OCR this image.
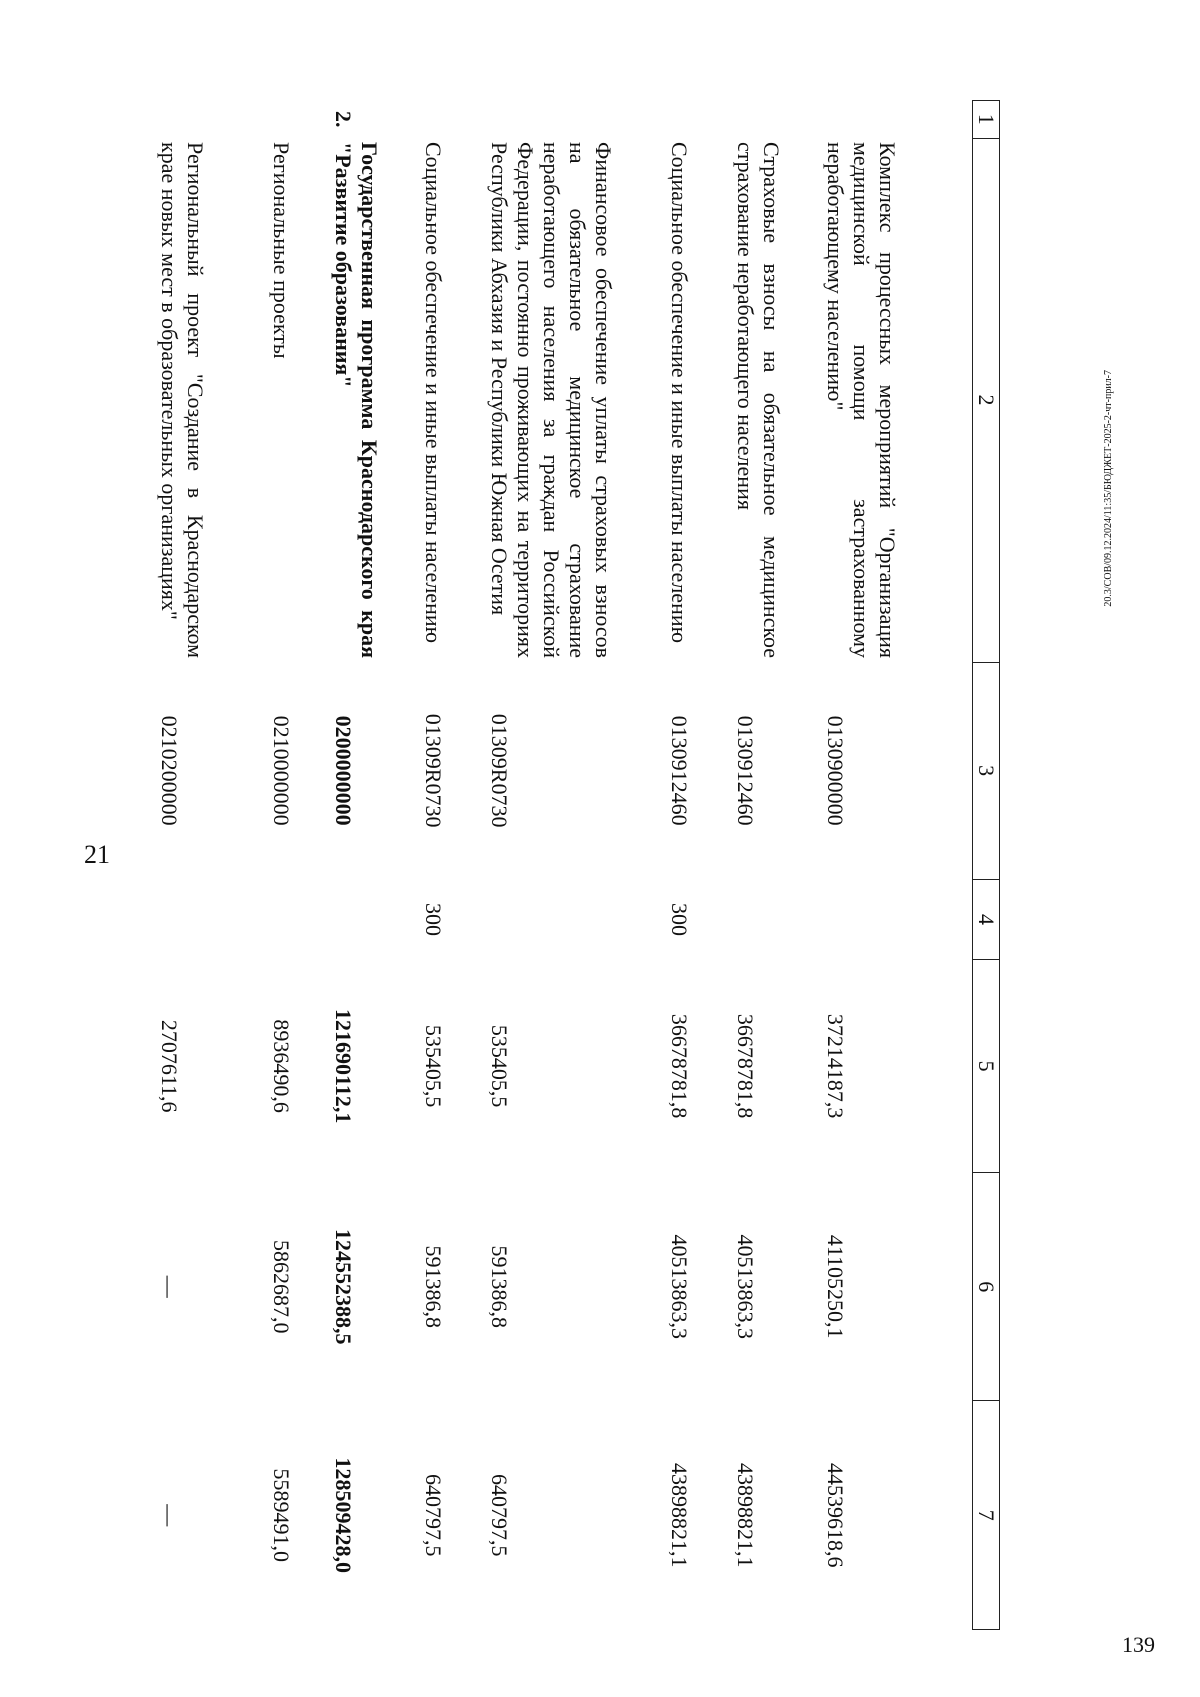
21
1	2	3	4	5	6	7
	Комплекс процессных мероприятий "Организация медицинской помощи застрахованному неработающему населению"	0130900000		37214187,3	41105250,1	44539618,6
	Страховые взносы на обязательное медицинское страхование неработающего населения	0130912460		36678781,8	40513863,3	43898821,1
	Социальное обеспечение и иные выплаты населению	0130912460	300	36678781,8	40513863,3	43898821,1
	Финансовое обеспечение уплаты страховых взносов на обязательное медицинское страхование неработающего населения за граждан Российской Федерации, постоянно проживающих на территориях Республики Абхазия и Республики Южная Осетия	01309R0730		535405,5	591386,8	640797,5
	Социальное обеспечение и иные выплаты населению	01309R0730	300	535405,5	591386,8	640797,5
2.	Государственная программа Краснодарского края "Развитие образования"	0200000000		121690112,1	124552388,5	128509428,0
	Региональные проекты	0210000000		8936490,6	5862687,0	5589491,0
	Региональный проект "Создание в Краснодарском крае новых мест в образовательных организациях"	0210200000		2707611,6	—	—
20.3/СОВ/09.12.2024/11:35/БЮДЖЕТ-2025-2-чт-прил-7
139
